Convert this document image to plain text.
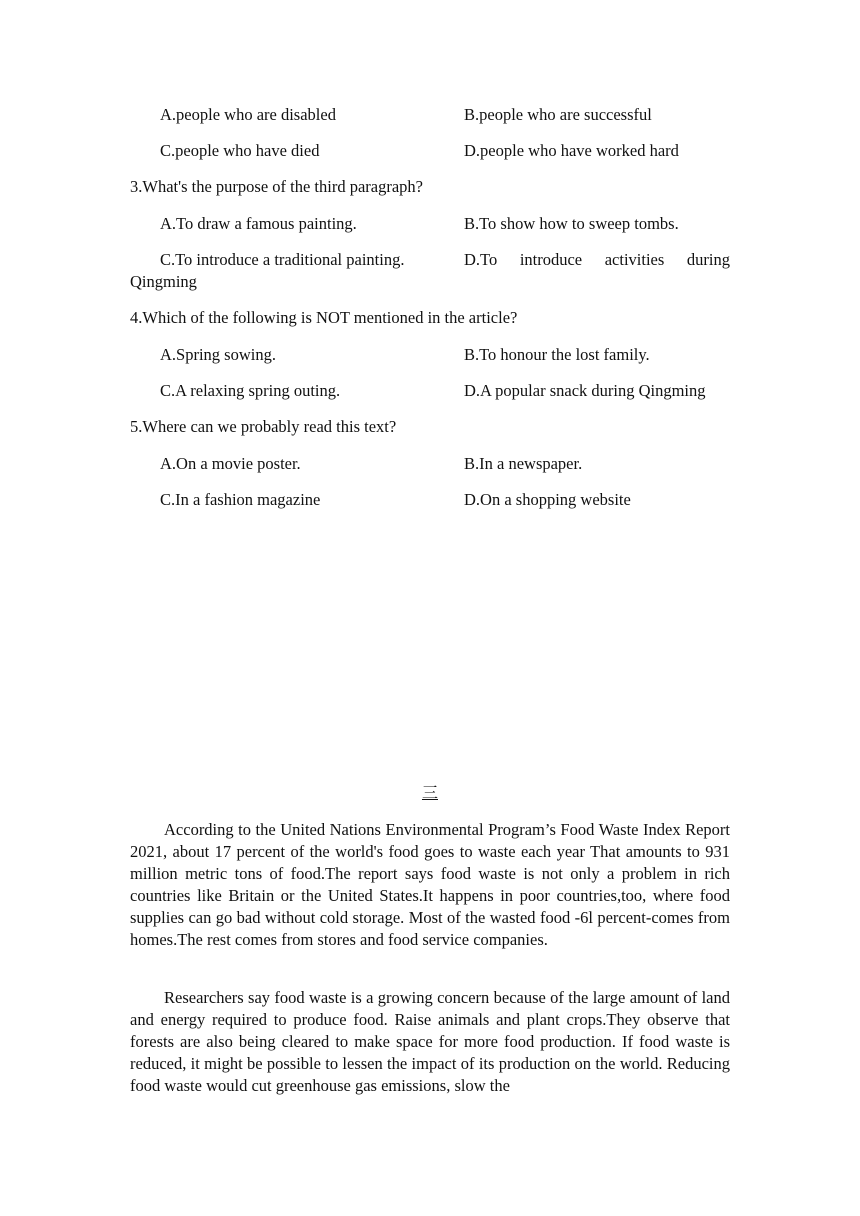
A.people who are disabled	B.people who are successful
C.people who have died	D.people who have worked hard
3.What's the purpose of the third paragraph?
A.To draw a famous painting.	B.To show how to sweep tombs.
C.To introduce a traditional painting.	D.To introduce activities during
Qingming
4.Which of the following is NOT mentioned in the article?
A.Spring sowing.	B.To honour the lost family.
C.A relaxing spring outing.	D.A popular snack during Qingming
5.Where can we probably read this text?
A.On a movie poster.	B.In a newspaper.
C.In a fashion magazine	D.On a shopping website
三

According to the United Nations Environmental Program’s Food Waste Index Report 2021, about 17 percent of the world's food goes to waste each year That amounts to 931 million metric tons of food.The report says food waste is not only a problem in rich countries like Britain or the United States.It happens in poor countries,too, where food supplies can go bad without cold storage. Most of the wasted food -6l percent-comes from homes.The rest comes from stores and food service companies.

Researchers say food waste is a growing concern because of the large amount of land and energy required to produce food. Raise animals and plant crops.They observe that forests are also being cleared to make space for more food production. If food waste is reduced, it might be possible to lessen the impact of its production on the world. Reducing food waste would cut greenhouse gas emissions, slow the
